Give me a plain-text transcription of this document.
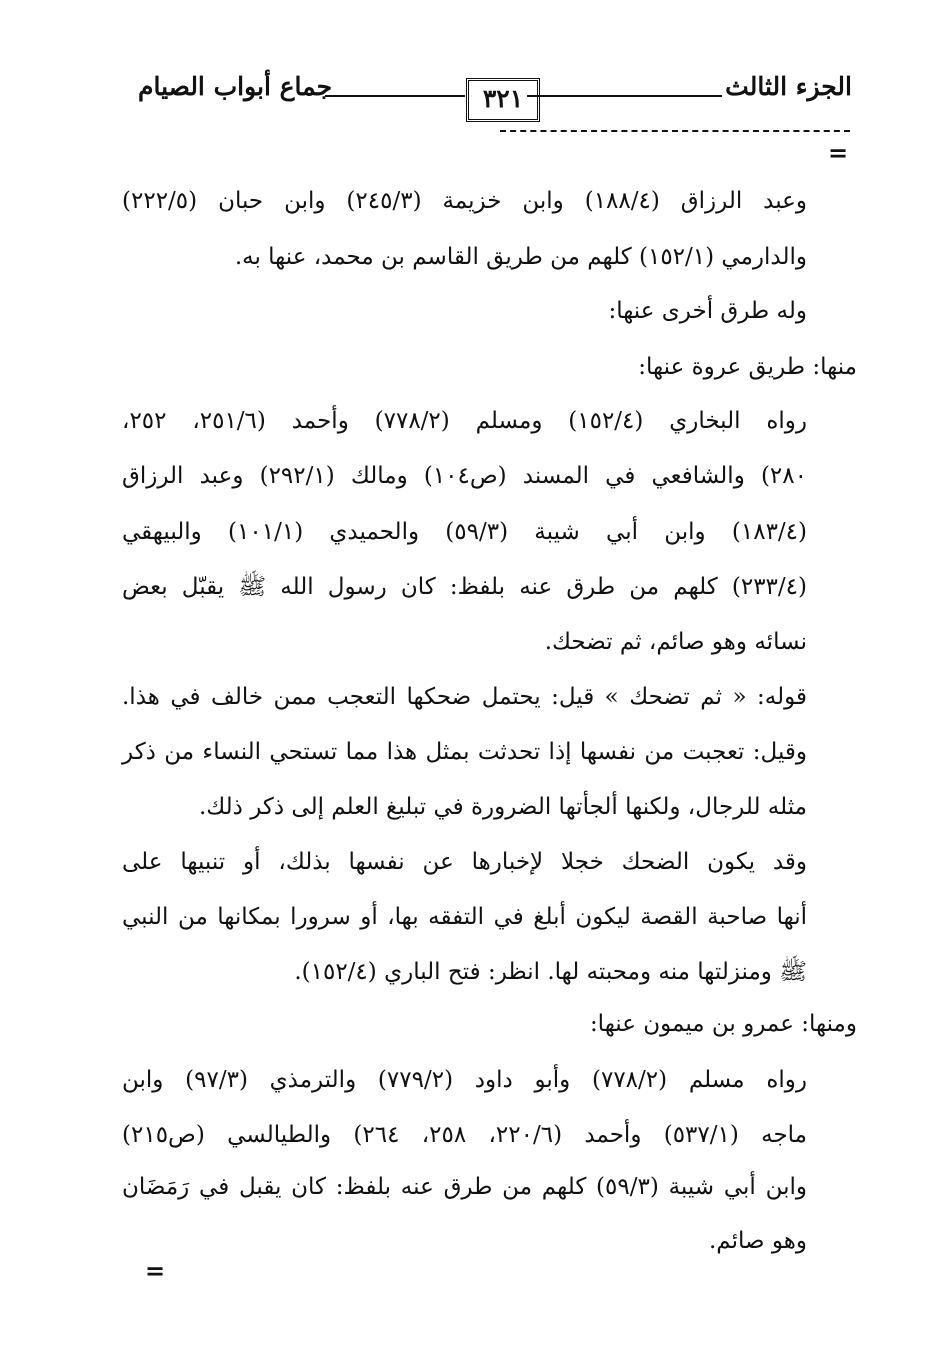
الجزء الثالث
٣٢١
جماع أبواب الصيام
=
وعبد الرزاق (١٨٨/٤) وابن خزيمة (٢٤٥/٣) وابن حبان (٢٢٢/٥)
والدارمي (١٥٢/١) كلهم من طريق القاسم بن محمد، عنها به.
وله طرق أخرى عنها:
منها: طريق عروة عنها:
رواه البخاري (١٥٢/٤) ومسلم (٧٧٨/٢) وأحمد (٢٥١/٦، ٢٥٢،
٢٨٠) والشافعي في المسند (ص١٠٤) ومالك (٢٩٢/١) وعبد الرزاق
(١٨٣/٤) وابن أبي شيبة (٥٩/٣) والحميدي (١٠١/١) والبيهقي
(٢٣٣/٤) كلهم من طرق عنه بلفظ: كان رسول الله ﷺ يقبّل بعض
نسائه وهو صائم، ثم تضحك.
قوله: « ثم تضحك » قيل: يحتمل ضحكها التعجب ممن خالف في هذا.
وقيل: تعجبت من نفسها إذا تحدثت بمثل هذا مما تستحي النساء من ذكر
مثله للرجال، ولكنها ألجأتها الضرورة في تبليغ العلم إلى ذكر ذلك.
وقد يكون الضحك خجلا لإخبارها عن نفسها بذلك، أو تنبيها على
أنها صاحبة القصة ليكون أبلغ في التفقه بها، أو سرورا بمكانها من النبي
ﷺ ومنزلتها منه ومحبته لها. انظر: فتح الباري (١٥٢/٤).
ومنها: عمرو بن ميمون عنها:
رواه مسلم (٧٧٨/٢) وأبو داود (٧٧٩/٢) والترمذي (٩٧/٣) وابن
ماجه (٥٣٧/١) وأحمد (٢٢٠/٦، ٢٥٨، ٢٦٤) والطيالسي (ص٢١٥)
وابن أبي شيبة (٥٩/٣) كلهم من طرق عنه بلفظ: كان يقبل في رَمَضَان
وهو صائم.
=
